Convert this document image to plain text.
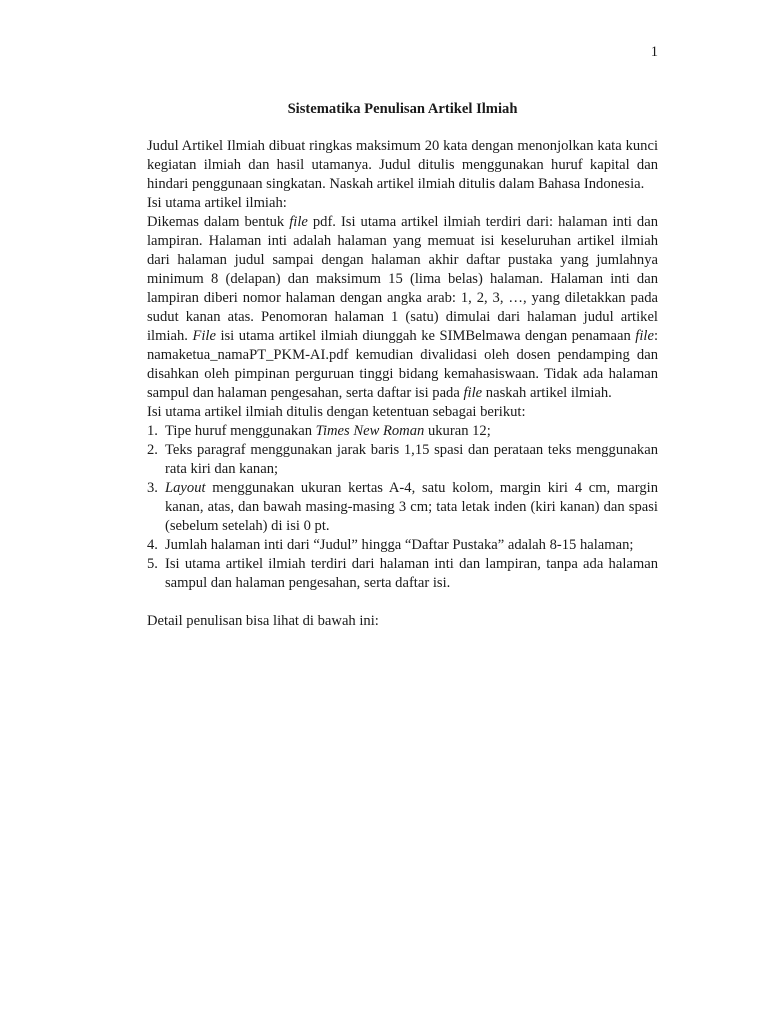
1
Sistematika Penulisan Artikel Ilmiah

Judul Artikel Ilmiah dibuat ringkas maksimum 20 kata dengan menonjolkan kata kunci kegiatan ilmiah dan hasil utamanya. Judul ditulis menggunakan huruf kapital dan hindari penggunaan singkatan. Naskah artikel ilmiah ditulis dalam Bahasa Indonesia.

Isi utama artikel ilmiah:

Dikemas dalam bentuk file pdf. Isi utama artikel ilmiah terdiri dari: halaman inti dan lampiran. Halaman inti adalah halaman yang memuat isi keseluruhan artikel ilmiah dari halaman judul sampai dengan halaman akhir daftar pustaka yang jumlahnya minimum 8 (delapan) dan maksimum 15 (lima belas) halaman. Halaman inti dan lampiran diberi nomor halaman dengan angka arab: 1, 2, 3, …, yang diletakkan pada sudut kanan atas. Penomoran halaman 1 (satu) dimulai dari halaman judul artikel ilmiah. File isi utama artikel ilmiah diunggah ke SIMBelmawa dengan penamaan file: namaketua_namaPT_PKM-AI.pdf kemudian divalidasi oleh dosen pendamping dan disahkan oleh pimpinan perguruan tinggi bidang kemahasiswaan. Tidak ada halaman sampul dan halaman pengesahan, serta daftar isi pada file naskah artikel ilmiah.

Isi utama artikel ilmiah ditulis dengan ketentuan sebagai berikut:

1. Tipe huruf menggunakan Times New Roman ukuran 12;
2. Teks paragraf menggunakan jarak baris 1,15 spasi dan perataan teks menggunakan rata kiri dan kanan;
3. Layout menggunakan ukuran kertas A-4, satu kolom, margin kiri 4 cm, margin kanan, atas, dan bawah masing-masing 3 cm; tata letak inden (kiri kanan) dan spasi (sebelum setelah) di isi 0 pt.
4. Jumlah halaman inti dari “Judul” hingga “Daftar Pustaka” adalah 8-15 halaman;
5. Isi utama artikel ilmiah terdiri dari halaman inti dan lampiran, tanpa ada halaman sampul dan halaman pengesahan, serta daftar isi.

Detail penulisan bisa lihat di bawah ini:
